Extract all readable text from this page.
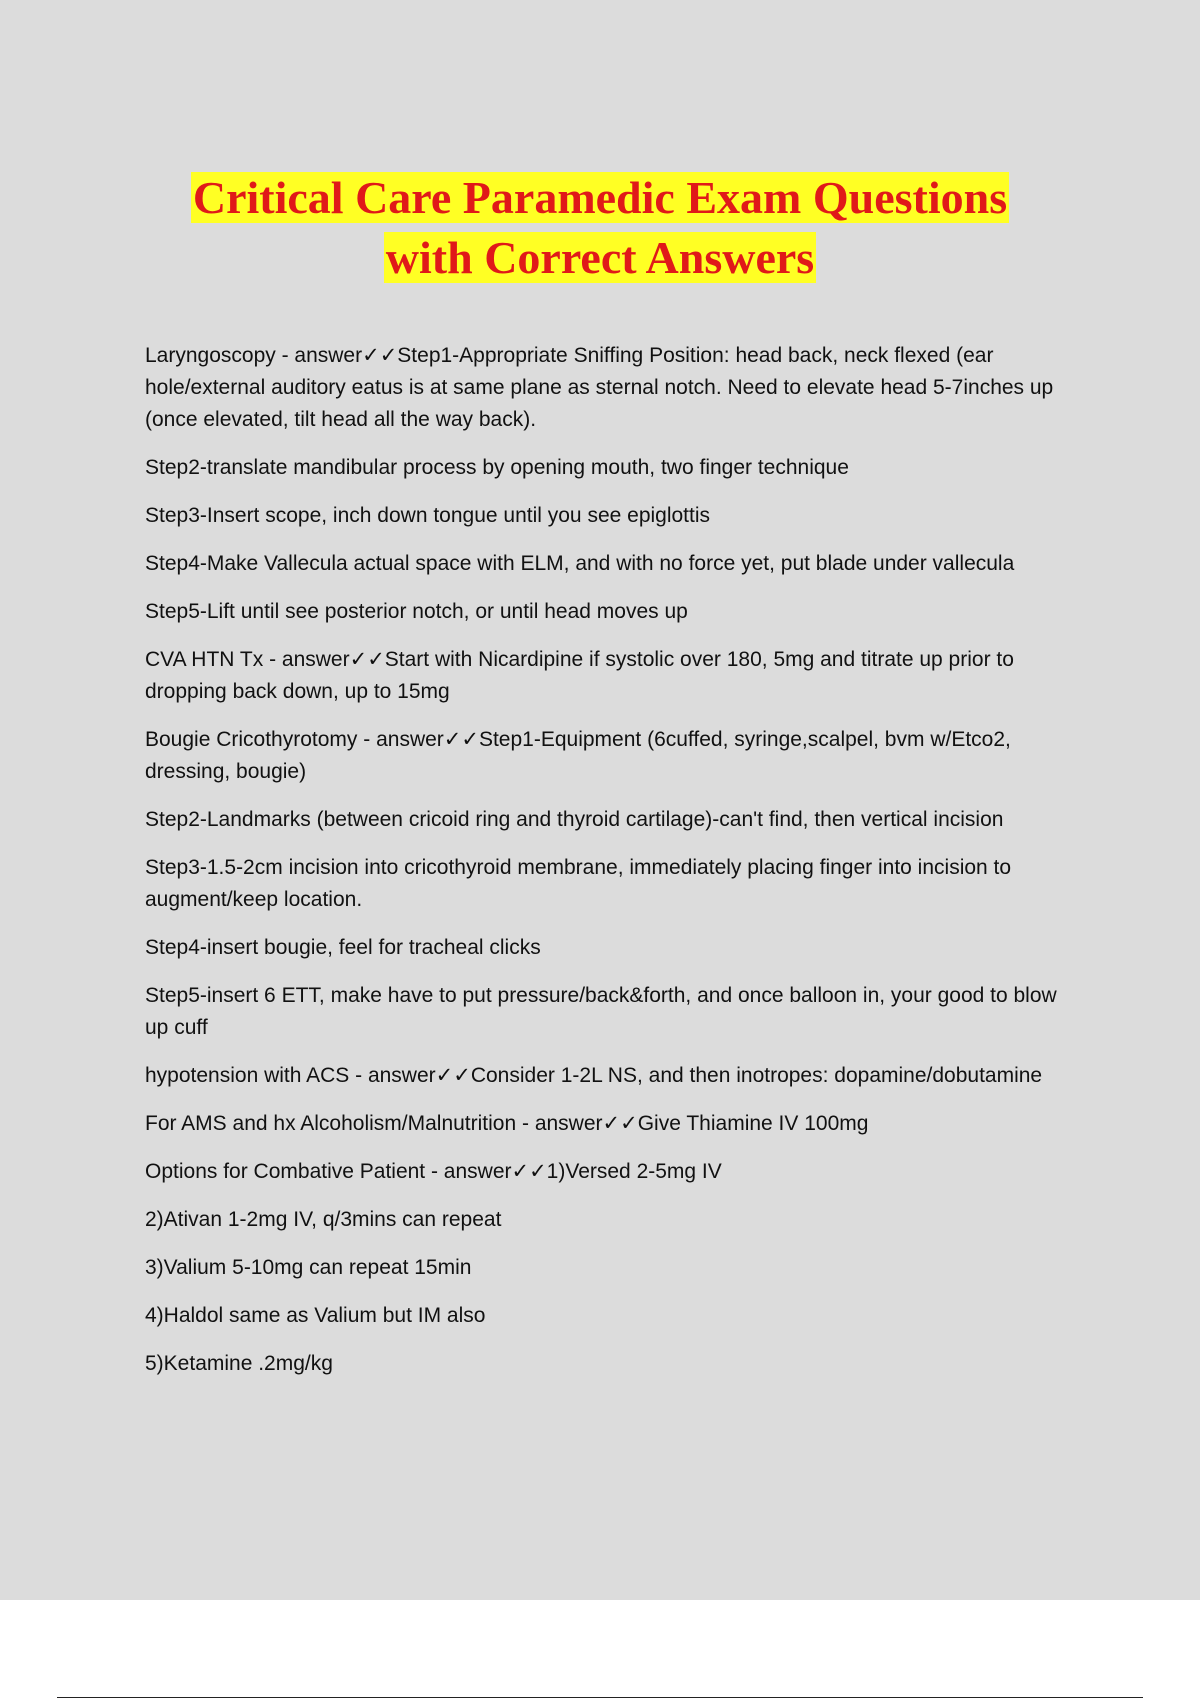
Critical Care Paramedic Exam Questions
with Correct Answers

Laryngoscopy - answer✓✓Step1-Appropriate Sniffing Position: head back, neck flexed (ear hole/external auditory eatus is at same plane as sternal notch. Need to elevate head 5-7inches up (once elevated, tilt head all the way back).

Step2-translate mandibular process by opening mouth, two finger technique

Step3-Insert scope, inch down tongue until you see epiglottis

Step4-Make Vallecula actual space with ELM, and with no force yet, put blade under vallecula

Step5-Lift until see posterior notch, or until head moves up

CVA HTN Tx - answer✓✓Start with Nicardipine if systolic over 180, 5mg and titrate up prior to dropping back down, up to 15mg

Bougie Cricothyrotomy - answer✓✓Step1-Equipment (6cuffed, syringe,scalpel, bvm w/Etco2, dressing, bougie)

Step2-Landmarks (between cricoid ring and thyroid cartilage)-can't find, then vertical incision

Step3-1.5-2cm incision into cricothyroid membrane, immediately placing finger into incision to augment/keep location.

Step4-insert bougie, feel for tracheal clicks

Step5-insert 6 ETT, make have to put pressure/back&forth, and once balloon in, your good to blow up cuff

hypotension with ACS - answer✓✓Consider 1-2L NS, and then inotropes: dopamine/dobutamine

For AMS and hx Alcoholism/Malnutrition - answer✓✓Give Thiamine IV 100mg

Options for Combative Patient - answer✓✓1)Versed 2-5mg IV

2)Ativan 1-2mg IV, q/3mins can repeat

3)Valium 5-10mg can repeat 15min

4)Haldol same as Valium but IM also

5)Ketamine .2mg/kg
